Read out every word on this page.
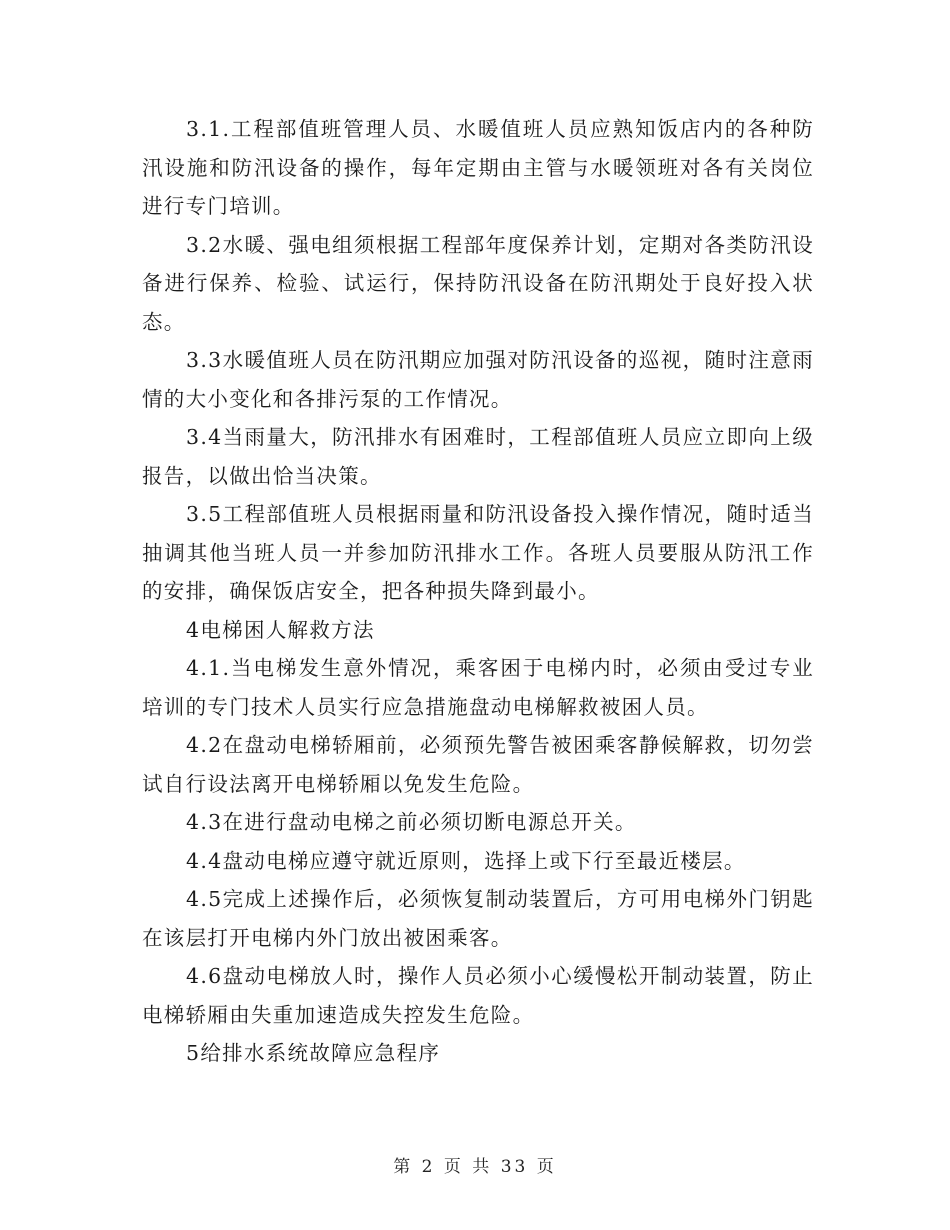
3.1.工程部值班管理人员、水暖值班人员应熟知饭店内的各种防汛设施和防汛设备的操作，每年定期由主管与水暖领班对各有关岗位进行专门培训。

3.2水暖、强电组须根据工程部年度保养计划，定期对各类防汛设备进行保养、检验、试运行，保持防汛设备在防汛期处于良好投入状态。

3.3水暖值班人员在防汛期应加强对防汛设备的巡视，随时注意雨情的大小变化和各排污泵的工作情况。

3.4当雨量大，防汛排水有困难时，工程部值班人员应立即向上级报告，以做出恰当决策。

3.5工程部值班人员根据雨量和防汛设备投入操作情况，随时适当抽调其他当班人员一并参加防汛排水工作。各班人员要服从防汛工作的安排，确保饭店安全，把各种损失降到最小。

4电梯困人解救方法

4.1.当电梯发生意外情况，乘客困于电梯内时，必须由受过专业培训的专门技术人员实行应急措施盘动电梯解救被困人员。

4.2在盘动电梯轿厢前，必须预先警告被困乘客静候解救，切勿尝试自行设法离开电梯轿厢以免发生危险。

4.3在进行盘动电梯之前必须切断电源总开关。

4.4盘动电梯应遵守就近原则，选择上或下行至最近楼层。

4.5完成上述操作后，必须恢复制动装置后，方可用电梯外门钥匙在该层打开电梯内外门放出被困乘客。

4.6盘动电梯放人时，操作人员必须小心缓慢松开制动装置，防止电梯轿厢由失重加速造成失控发生危险。

5给排水系统故障应急程序

第 2 页 共 33 页
